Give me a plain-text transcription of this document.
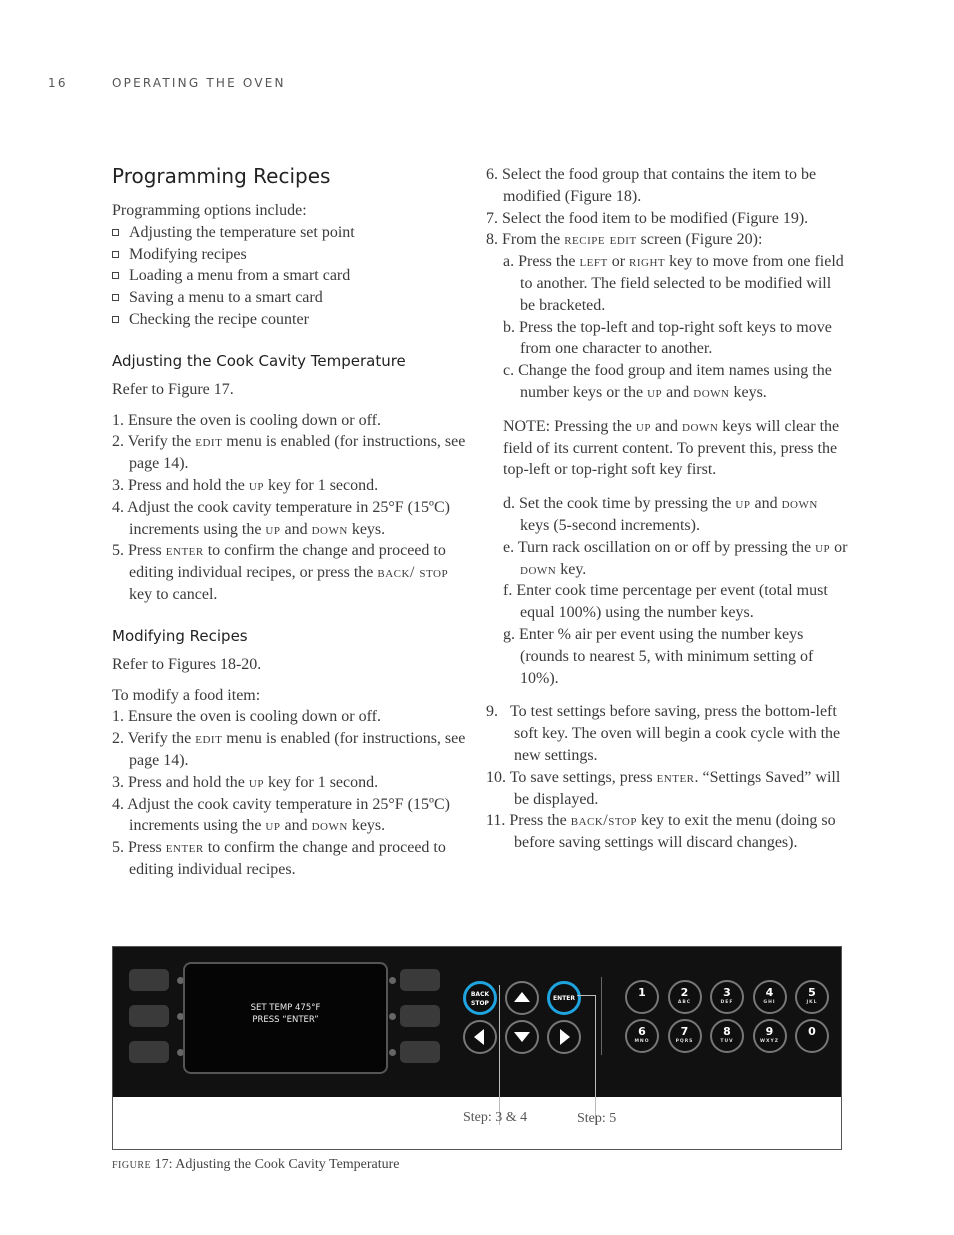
16	OPERATING THE OVEN
Programming Recipes

Programming options include:

Adjusting the temperature set point
Modifying recipes
Loading a menu from a smart card
Saving a menu to a smart card
Checking the recipe counter
Adjusting the Cook Cavity Temperature

Refer to Figure 17.

1. Ensure the oven is cooling down or off.

2. Verify the edit menu is enabled (for instructions, see page 14).

3. Press and hold the up key for 1 second.

4. Adjust the cook cavity temperature in 25°F (15ºC) increments using the up and down keys.

5. Press enter to confirm the change and proceed to editing individual recipes, or press the back/ stop key to cancel.

Modifying Recipes

Refer to Figures 18-20.

To modify a food item:

1. Ensure the oven is cooling down or off.

2. Verify the edit menu is enabled (for instructions, see page 14).

3. Press and hold the up key for 1 second.

4. Adjust the cook cavity temperature in 25°F (15ºC) increments using the up and down keys.

5. Press enter to confirm the change and proceed to editing individual recipes.

6. Select the food group that contains the item to be modified (Figure 18).

7. Select the food item to be modified (Figure 19).

8. From the recipe edit screen (Figure 20):

a. Press the left or right key to move from one field to another. The field selected to be modified will be bracketed.

b. Press the top-left and top-right soft keys to move from one character to another.

c. Change the food group and item names using the number keys or the up and down keys.

NOTE: Pressing the up and down keys will clear the field of its current content. To prevent this, press the top-left or top-right soft key first.

d. Set the cook time by pressing the up and down keys (5-second increments).

e. Turn rack oscillation on or off by pressing the up or down key.

f. Enter cook time percentage per event (total must equal 100%) using the number keys.

g. Enter % air per event using the number keys (rounds to nearest 5, with minimum setting of 10%).

9.   To test settings before saving, press the bottom-left soft key. The oven will begin a cook cycle with the new settings.

10. To save settings, press enter. “Settings Saved” will be displayed.

11. Press the back/stop key to exit the menu (doing so before saving settings will discard changes).

SET TEMP 475°F
PRESS “ENTER”
BACK
STOP
ENTER	1	2
ABC
3
DEF
4
GHI
5
JKL
6
MNO
7
PQRS
8
TUV
9
WXYZ
0
Step: 3 & 4	Step: 5
figure 17: Adjusting the Cook Cavity Temperature
